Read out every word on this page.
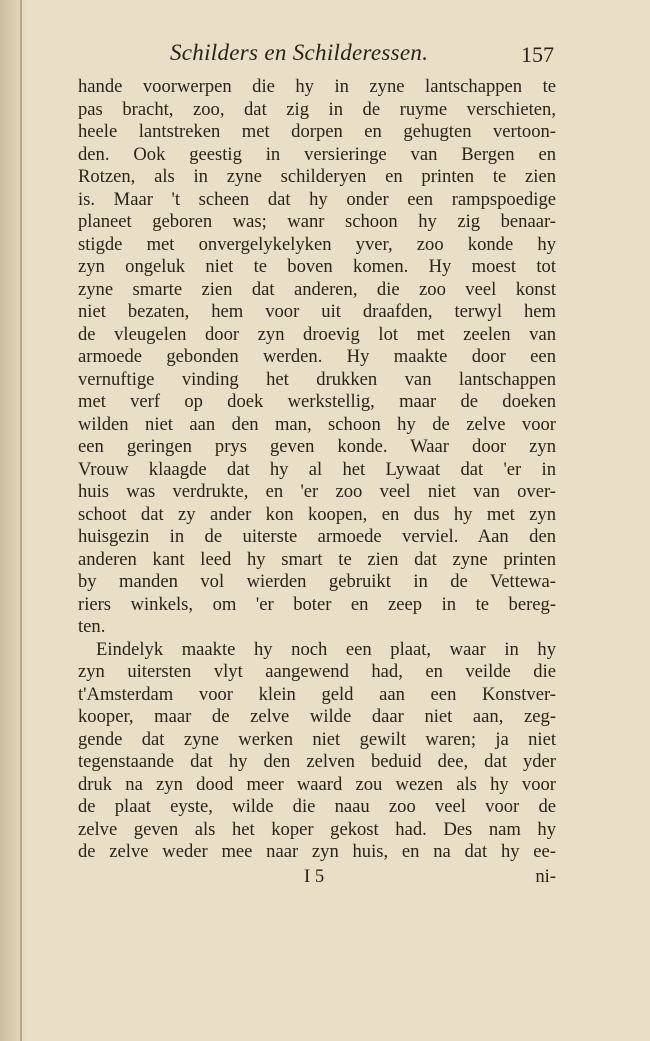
Schilders en Schilderessen.	157
hande voorwerpen die hy in zyne lantschappen te
pas bracht, zoo, dat zig in de ruyme verschieten,
heele lantstreken met dorpen en gehugten vertoon-
den. Ook geestig in versieringe van Bergen en
Rotzen, als in zyne schilderyen en printen te zien
is. Maar 't scheen dat hy onder een rampspoedige
planeet geboren was; wanr schoon hy zig benaar-
stigde met onvergelykelyken yver, zoo konde hy
zyn ongeluk niet te boven komen. Hy moest tot
zyne smarte zien dat anderen, die zoo veel konst
niet bezaten, hem voor uit draafden, terwyl hem
de vleugelen door zyn droevig lot met zeelen van
armoede gebonden werden. Hy maakte door een
vernuftige vinding het drukken van lantschappen
met verf op doek werkstellig, maar de doeken
wilden niet aan den man, schoon hy de zelve voor
een geringen prys geven konde. Waar door zyn
Vrouw klaagde dat hy al het Lywaat dat 'er in
huis was verdrukte, en 'er zoo veel niet van over-
schoot dat zy ander kon koopen, en dus hy met zyn
huisgezin in de uiterste armoede verviel. Aan den
anderen kant leed hy smart te zien dat zyne printen
by manden vol wierden gebruikt in de Vettewa-
riers winkels, om 'er boter en zeep in te bereg-
ten.
Eindelyk maakte hy noch een plaat, waar in hy
zyn uitersten vlyt aangewend had, en veilde die
t'Amsterdam voor klein geld aan een Konstver-
kooper, maar de zelve wilde daar niet aan, zeg-
gende dat zyne werken niet gewilt waren; ja niet
tegenstaande dat hy den zelven beduid dee, dat yder
druk na zyn dood meer waard zou wezen als hy voor
de plaat eyste, wilde die naau zoo veel voor de
zelve geven als het koper gekost had. Des nam hy
de zelve weder mee naar zyn huis, en na dat hy ee-
I 5	ni-
